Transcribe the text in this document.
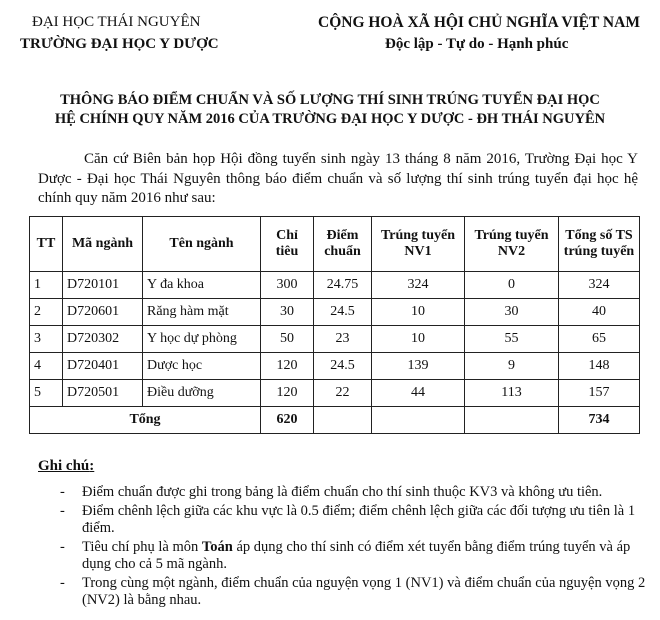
ĐẠI HỌC THÁI NGUYÊN
TRƯỜNG ĐẠI HỌC Y DƯỢC
CỘNG HOÀ XÃ HỘI CHỦ NGHĨA VIỆT NAM
Độc lập - Tự do - Hạnh phúc
THÔNG BÁO ĐIỂM CHUẨN VÀ SỐ LƯỢNG THÍ SINH TRÚNG TUYỂN ĐẠI HỌC
HỆ CHÍNH QUY NĂM 2016 CỦA TRƯỜNG ĐẠI HỌC Y DƯỢC - ĐH THÁI NGUYÊN
Căn cứ Biên bản họp Hội đồng tuyển sinh ngày 13 tháng 8 năm 2016, Trường Đại học Y Dược - Đại học Thái Nguyên thông báo điểm chuẩn và số lượng thí sinh trúng tuyển đại học hệ chính quy năm 2016 như sau:
TT	Mã ngành	Tên ngành	Chỉ tiêu	Điểm chuẩn	Trúng tuyển NV1	Trúng tuyển NV2	Tổng số TS trúng tuyển
1	D720101	Y đa khoa	300	24.75	324	0	324
2	D720601	Răng hàm mặt	30	24.5	10	30	40
3	D720302	Y học dự phòng	50	23	10	55	65
4	D720401	Dược học	120	24.5	139	9	148
5	D720501	Điều dưỡng	120	22	44	113	157
Tổng			620				734
Ghi chú:
- Điểm chuẩn được ghi trong bảng là điểm chuẩn cho thí sinh thuộc KV3 và không ưu tiên.
- Điểm chênh lệch giữa các khu vực là 0.5 điểm; điểm chênh lệch giữa các đối tượng ưu tiên là 1 điểm.
- Tiêu chí phụ là môn Toán áp dụng cho thí sinh có điểm xét tuyển bằng điểm trúng tuyển và áp dụng cho cả 5 mã ngành.
- Trong cùng một ngành, điểm chuẩn của nguyện vọng 1 (NV1) và điểm chuẩn của nguyện vọng 2 (NV2) là bằng nhau.
